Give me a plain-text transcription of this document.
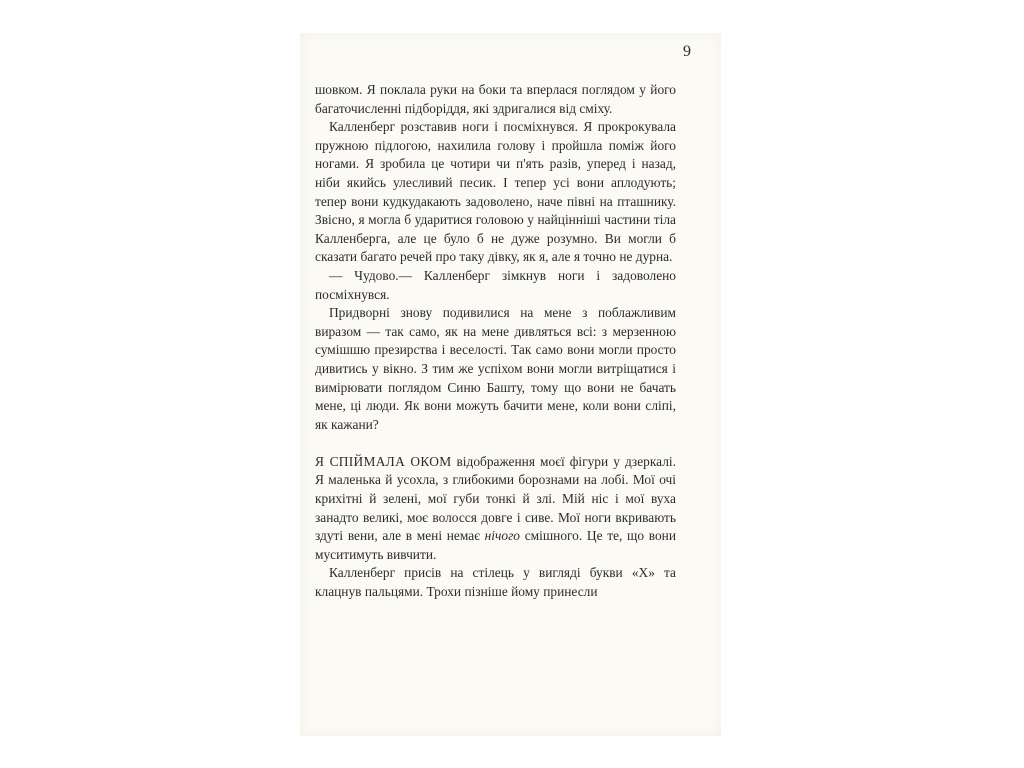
9

шовком. Я поклала руки на боки та вперлася поглядом у його багаточисленні підборіддя, які здригалися від сміху.

Калленберг розставив ноги і посміхнувся. Я прокрокувала пружною підлогою, нахилила голову і пройшла поміж його ногами. Я зробила це чотири чи п'ять разів, уперед і назад, ніби якийсь улесливий песик. І тепер усі вони аплодують; тепер вони кудкудакають задоволено, наче півні на пташнику. Звісно, я могла б ударитися головою у найцінніші частини тіла Калленберга, але це було б не дуже розумно. Ви могли б сказати багато речей про таку дівку, як я, але я точно не дурна.

— Чудово.— Калленберг зімкнув ноги і задоволено посміхнувся.

Придворні знову подивилися на мене з поблажливим виразом — так само, як на мене дивляться всі: з мерзенною сумішшю презирства і веселості. Так само вони могли просто дивитись у вікно. З тим же успіхом вони могли витріщатися і вимірювати поглядом Синю Башту, тому що вони не бачать мене, ці люди. Як вони можуть бачити мене, коли вони сліпі, як кажани?

Я СПІЙМАЛА ОКОМ відображення моєї фігури у дзеркалі. Я маленька й усохла, з глибокими борознами на лобі. Мої очі крихітні й зелені, мої губи тонкі й злі. Мій ніс і мої вуха занадто великі, моє волосся довге і сиве. Мої ноги вкривають здуті вени, але в мені немає нічого смішного. Це те, що вони муситимуть вивчити.

Калленберг присів на стілець у вигляді букви «Х» та клацнув пальцями. Трохи пізніше йому принесли
